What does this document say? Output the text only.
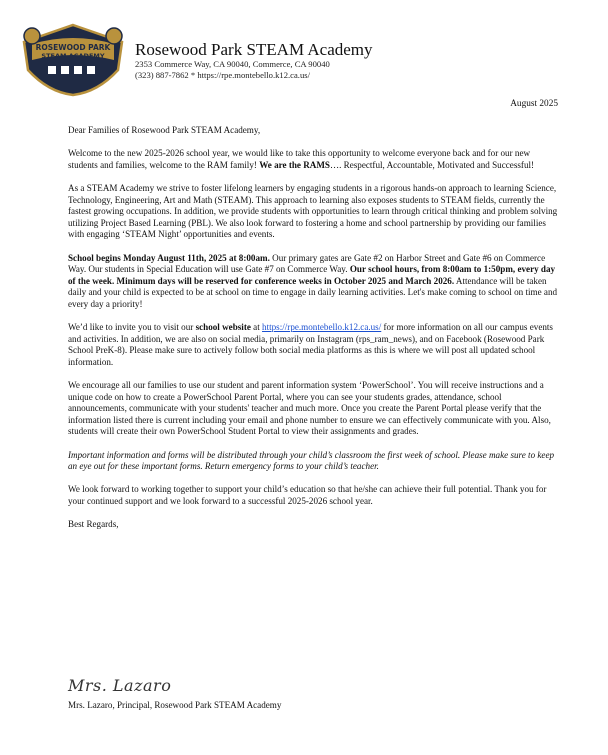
ROSEWOOD PARK
STEAM ACADEMY Rosewood Park STEAM Academy
2353 Commerce Way, CA 90040, Commerce, CA 90040
(323) 887-7862 * https://rpe.montebello.k12.ca.us/
August 2025

Dear Families of Rosewood Park STEAM Academy,

Welcome to the new 2025-2026 school year, we would like to take this opportunity to welcome everyone back and for our new students and families, welcome to the RAM family! We are the RAMS…. Respectful, Accountable, Motivated and Successful!

As a STEAM Academy we strive to foster lifelong learners by engaging students in a rigorous hands-on approach to learning Science, Technology, Engineering, Art and Math (STEAM). This approach to learning also exposes students to STEAM fields, currently the fastest growing occupations. In addition, we provide students with opportunities to learn through critical thinking and problem solving utilizing Project Based Learning (PBL). We also look forward to fostering a home and school partnership by providing our families with engaging ‘STEAM Night’ opportunities and events.

School begins Monday August 11th, 2025 at 8:00am. Our primary gates are Gate #2 on Harbor Street and Gate #6 on Commerce Way. Our students in Special Education will use Gate #7 on Commerce Way. Our school hours, from 8:00am to 1:50pm, every day of the week. Minimum days will be reserved for conference weeks in October 2025 and March 2026. Attendance will be taken daily and your child is expected to be at school on time to engage in daily learning activities. Let's make coming to school on time and every day a priority!

We’d like to invite you to visit our school website at https://rpe.montebello.k12.ca.us/ for more information on all our campus events and activities. In addition, we are also on social media, primarily on Instagram (rps_ram_news), and on Facebook (Rosewood Park School PreK-8). Please make sure to actively follow both social media platforms as this is where we will post all updated school information.

We encourage all our families to use our student and parent information system ‘PowerSchool’. You will receive instructions and a unique code on how to create a PowerSchool Parent Portal, where you can see your students grades, attendance, school announcements, communicate with your students' teacher and much more. Once you create the Parent Portal please verify that the information listed there is current including your email and phone number to ensure we can effectively communicate with you. Also, students will create their own PowerSchool Student Portal to view their assignments and grades.

Important information and forms will be distributed through your child’s classroom the first week of school. Please make sure to keep an eye out for these important forms. Return emergency forms to your child’s teacher.

We look forward to working together to support your child’s education so that he/she can achieve their full potential. Thank you for your continued support and we look forward to a successful 2025-2026 school year.

Best Regards,

Mrs. Lazaro
Mrs. Lazaro, Principal, Rosewood Park STEAM Academy
